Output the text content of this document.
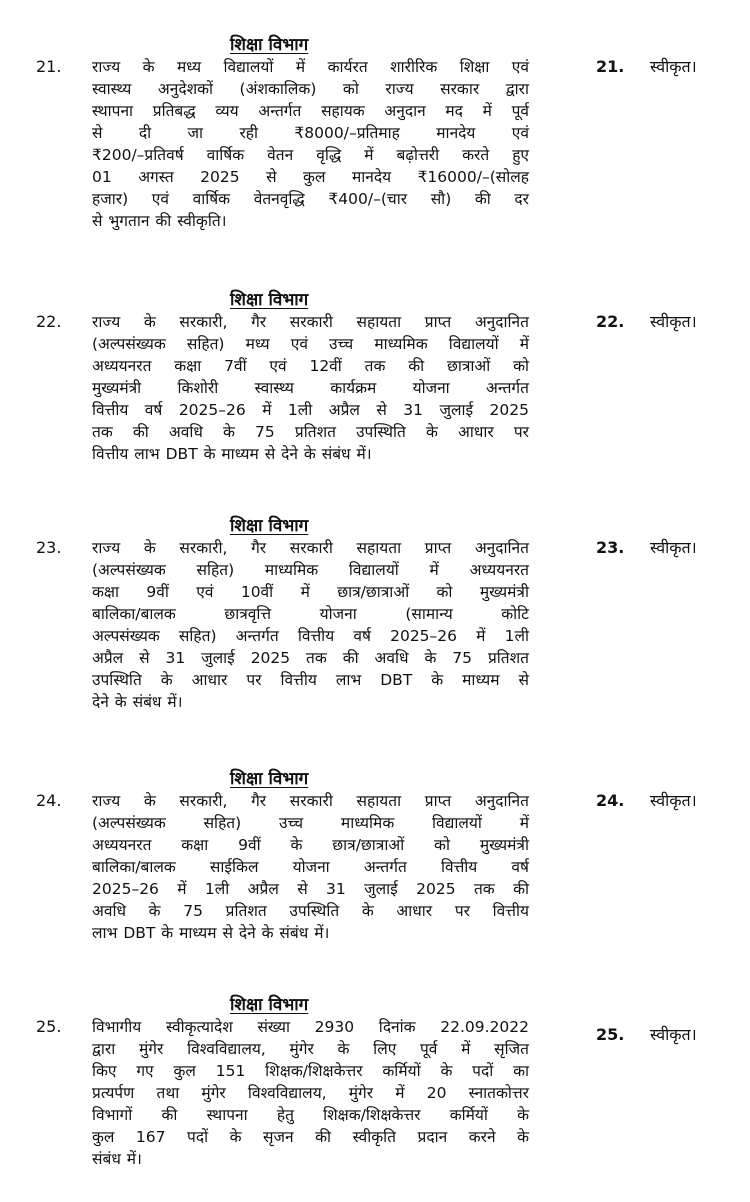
शिक्षा विभाग
21. राज्य के मध्य विद्यालयों में कार्यरत शारीरिक शिक्षा एवं
स्वास्थ्य अनुदेशकों (अंशकालिक) को राज्य सरकार द्वारा
स्थापना प्रतिबद्ध व्यय अन्तर्गत सहायक अनुदान मद में पूर्व
से दी जा रही ₹8000/–प्रतिमाह मानदेय एवं
₹200/–प्रतिवर्ष वार्षिक वेतन वृद्धि में बढ़ोत्तरी करते हुए
01 अगस्त 2025 से कुल मानदेय ₹16000/–(सोलह
हजार) एवं वार्षिक वेतनवृद्धि ₹400/–(चार सौ) की दर
से भुगतान की स्वीकृति।
21. स्वीकृत।
शिक्षा विभाग
22. राज्य के सरकारी, गैर सरकारी सहायता प्राप्त अनुदानित
(अल्पसंख्यक सहित) मध्य एवं उच्च माध्यमिक विद्यालयों में
अध्ययनरत कक्षा 7वीं एवं 12वीं तक की छात्राओं को
मुख्यमंत्री किशोरी स्वास्थ्य कार्यक्रम योजना अन्तर्गत
वित्तीय वर्ष 2025–26 में 1ली अप्रैल से 31 जुलाई 2025
तक की अवधि के 75 प्रतिशत उपस्थिति के आधार पर
वित्तीय लाभ DBT के माध्यम से देने के संबंध में।
22. स्वीकृत।
शिक्षा विभाग
23. राज्य के सरकारी, गैर सरकारी सहायता प्राप्त अनुदानित
(अल्पसंख्यक सहित) माध्यमिक विद्यालयों में अध्ययनरत
कक्षा 9वीं एवं 10वीं में छात्र/छात्राओं को मुख्यमंत्री
बालिका/बालक छात्रवृत्ति योजना (सामान्य कोटि
अल्पसंख्यक सहित) अन्तर्गत वित्तीय वर्ष 2025–26 में 1ली
अप्रैल से 31 जुलाई 2025 तक की अवधि के 75 प्रतिशत
उपस्थिति के आधार पर वित्तीय लाभ DBT के माध्यम से
देने के संबंध में।
23. स्वीकृत।
शिक्षा विभाग
24. राज्य के सरकारी, गैर सरकारी सहायता प्राप्त अनुदानित
(अल्पसंख्यक सहित) उच्च माध्यमिक विद्यालयों में
अध्ययनरत कक्षा 9वीं के छात्र/छात्राओं को मुख्यमंत्री
बालिका/बालक साईकिल योजना अन्तर्गत वित्तीय वर्ष
2025–26 में 1ली अप्रैल से 31 जुलाई 2025 तक की
अवधि के 75 प्रतिशत उपस्थिति के आधार पर वित्तीय
लाभ DBT के माध्यम से देने के संबंध में।
24. स्वीकृत।
शिक्षा विभाग
25. विभागीय स्वीकृत्यादेश संख्या 2930 दिनांक 22.09.2022
द्वारा मुंगेर विश्वविद्यालय, मुंगेर के लिए पूर्व में सृजित
किए गए कुल 151 शिक्षक/शिक्षकेत्तर कर्मियों के पदों का
प्रत्यर्पण तथा मुंगेर विश्वविद्यालय, मुंगेर में 20 स्नातकोत्तर
विभागों की स्थापना हेतु शिक्षक/शिक्षकेत्तर कर्मियों के
कुल 167 पदों के सृजन की स्वीकृति प्रदान करने के
संबंध में।
25. स्वीकृत।
